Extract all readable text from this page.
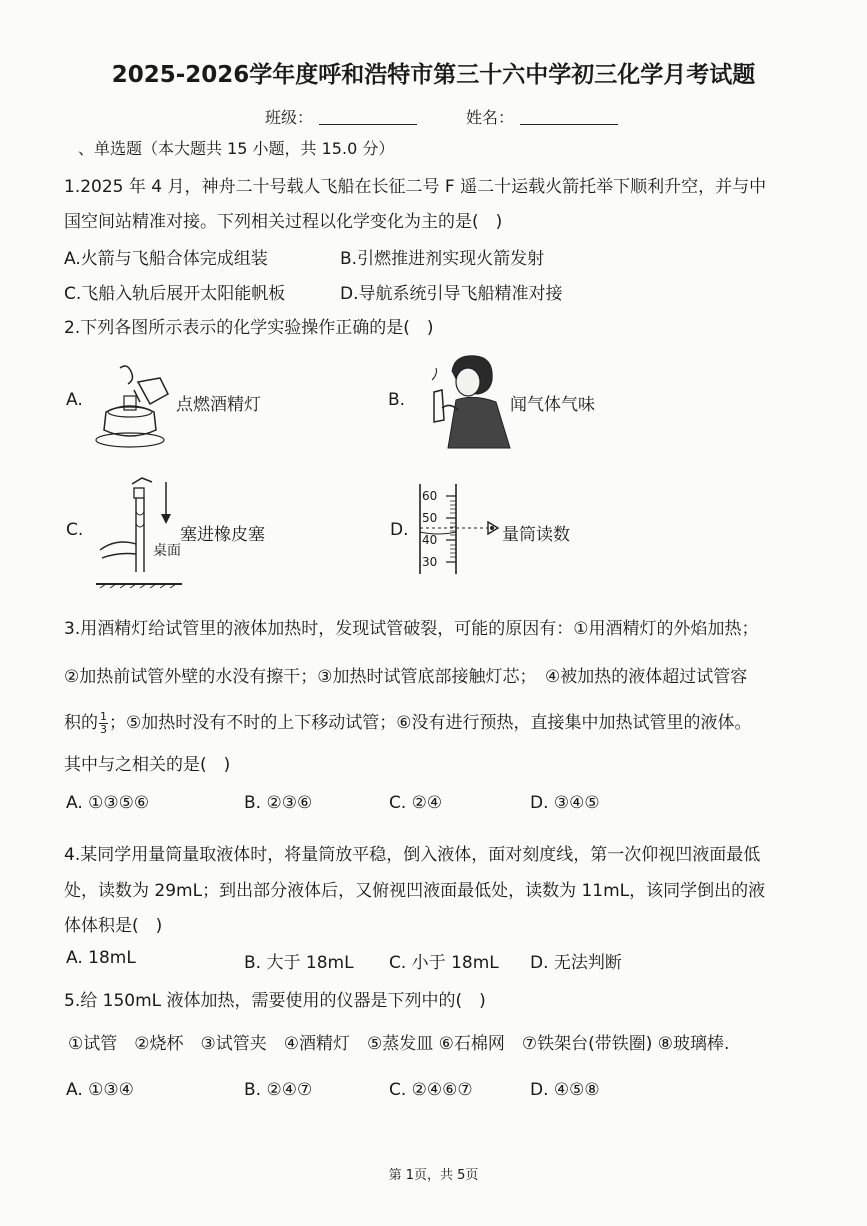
2025-2026学年度呼和浩特市第三十六中学初三化学月考试题
班级：	姓名：
、单选题（本大题共 15 小题，共 15.0 分）
1.2025 年 4 月，神舟二十号载人飞船在长征二号 F 遥二十运载火箭托举下顺利升空，并与中
国空间站精准对接。下列相关过程以化学变化为主的是(　)
A.火箭与飞船合体完成组装	B.引燃推进剂实现火箭发射
C.飞船入轨后展开太阳能帆板	D.导航系统引导飞船精准对接
2.下列各图所示表示的化学实验操作正确的是(　)
A.	点燃酒精灯	B.	闻气体气味
C.	塞进橡皮塞
桌面
D.
60
50
40
30
量筒读数
3.用酒精灯给试管里的液体加热时，发现试管破裂，可能的原因有：①用酒精灯的外焰加热；
②加热前试管外壁的水没有擦干；③加热时试管底部接触灯芯；　④被加热的液体超过试管容
积的 $\frac{1}{3}$ ；⑤加热时没有不时的上下移动试管；⑥没有进行预热，直接集中加热试管里的液体。
其中与之相关的是(　)
A. ①③⑤⑥	B. ②③⑥	C. ②④	D. ③④⑤
4.某同学用量筒量取液体时，将量筒放平稳，倒入液体，面对刻度线，第一次仰视凹液面最低
处，读数为 29mL；到出部分液体后，又俯视凹液面最低处，读数为 11mL，该同学倒出的液
体体积是(　)
A. 18mL	B. 大于 18mL C. 小于 18mL D. 无法判断
5.给 150mL 液体加热，需要使用的仪器是下列中的(　)
①试管　②烧杯　③试管夹　④酒精灯　⑤蒸发皿 ⑥石棉网　⑦铁架台(带铁圈) ⑧玻璃棒.
A. ①③④	B. ②④⑦	C. ②④⑥⑦	D. ④⑤⑧
第 1页，共 5页
